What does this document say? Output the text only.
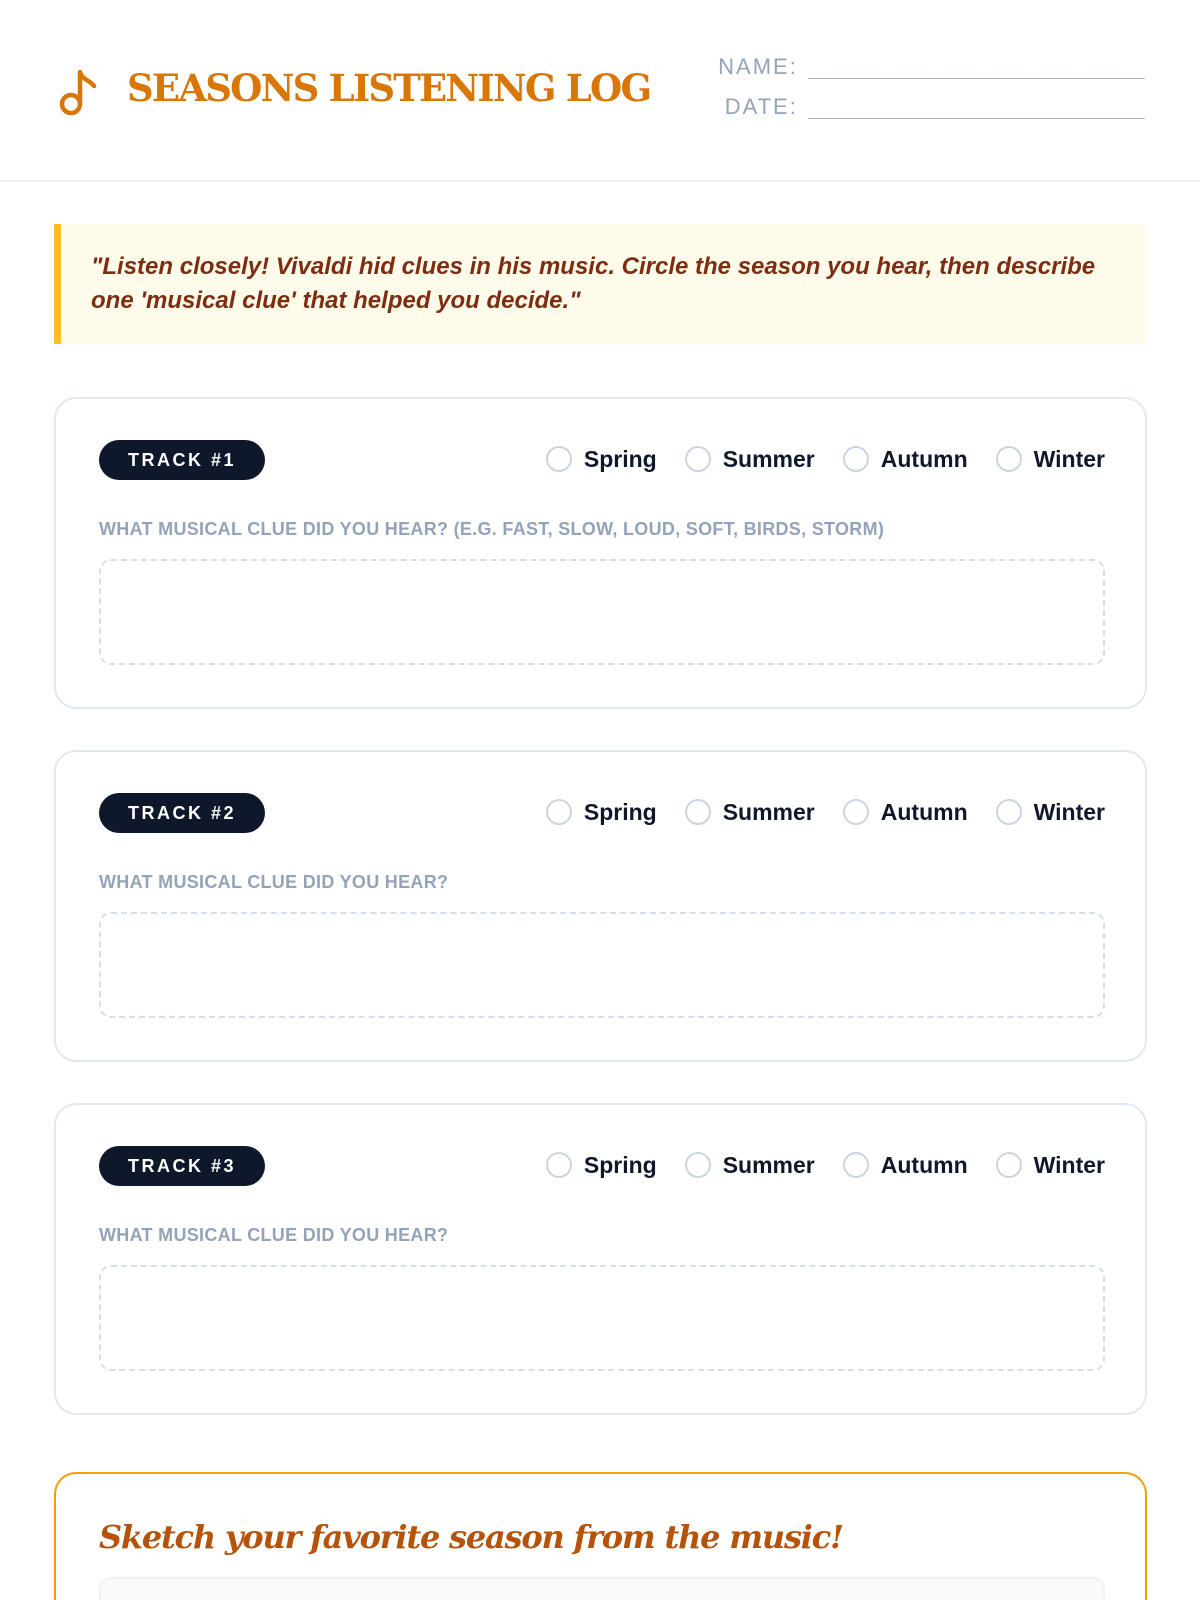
SEASONS LISTENING LOG	NAME: ____________________________
DATE: ____________________________

"Listen closely! Vivaldi hid clues in his music. Circle the season you hear, then describe one 'musical clue' that helped you decide."

TRACK #1	Spring	Summer	Autumn	Winter
WHAT MUSICAL CLUE DID YOU HEAR? (E.G. FAST, SLOW, LOUD, SOFT, BIRDS, STORM)
TRACK #2	Spring	Summer	Autumn	Winter
WHAT MUSICAL CLUE DID YOU HEAR?
TRACK #3	Spring	Summer	Autumn	Winter
WHAT MUSICAL CLUE DID YOU HEAR?
Sketch your favorite season from the music!
